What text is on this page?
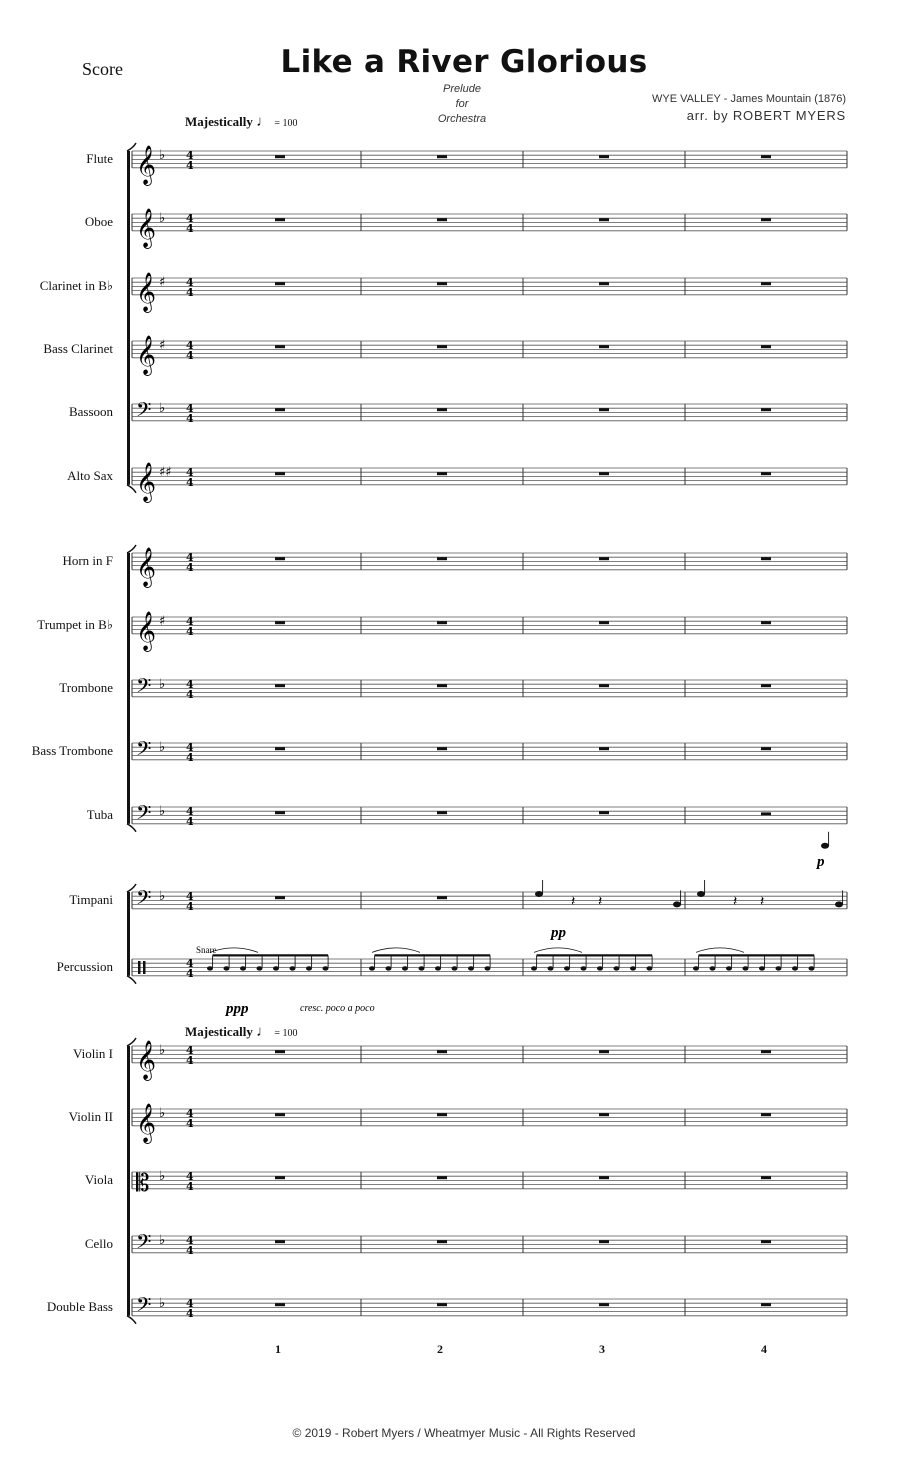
Score	Like a River Glorious
Prelude
for
Orchestra
WYE VALLEY - James Mountain (1876)
arr. by ROBERT MYERS
Majestically ♩ = 100
Majestically ♩ = 100
Flute
Oboe
Clarinet in B♭
Bass Clarinet
Bassoon
Alto Sax
Horn in F
Trumpet in B♭
Trombone
Bass Trombone
Tuba
Timpani
Percussion
Violin I
Violin II
Viola
Cello
Double Bass
𝄞 ♭ 4
4
𝄞 ♭ 4
4
𝄞 ♯ 4
4
𝄞 ♯ 4
4
𝄢 ♭ 4
4
𝄞 ♯♯ 4
4
𝄞	4
4
𝄞 ♯ 4
4
𝄢 ♭ 4
4
𝄢 ♭ 4
4
𝄢 ♭ 4
4
𝄢 ♭ 4
4	𝄽 𝄽	𝄽 𝄽
4
4
𝄞 ♭ 4
4
𝄞 ♭ 4
4
𝄡 ♭ 4
4
𝄢 ♭ 4
4
𝄢 ♭ 4
4
p
pp
ppp	cresc. poco a poco
Snare
1	2	3	4
© 2019 - Robert Myers / Wheatmyer Music - All Rights Reserved
